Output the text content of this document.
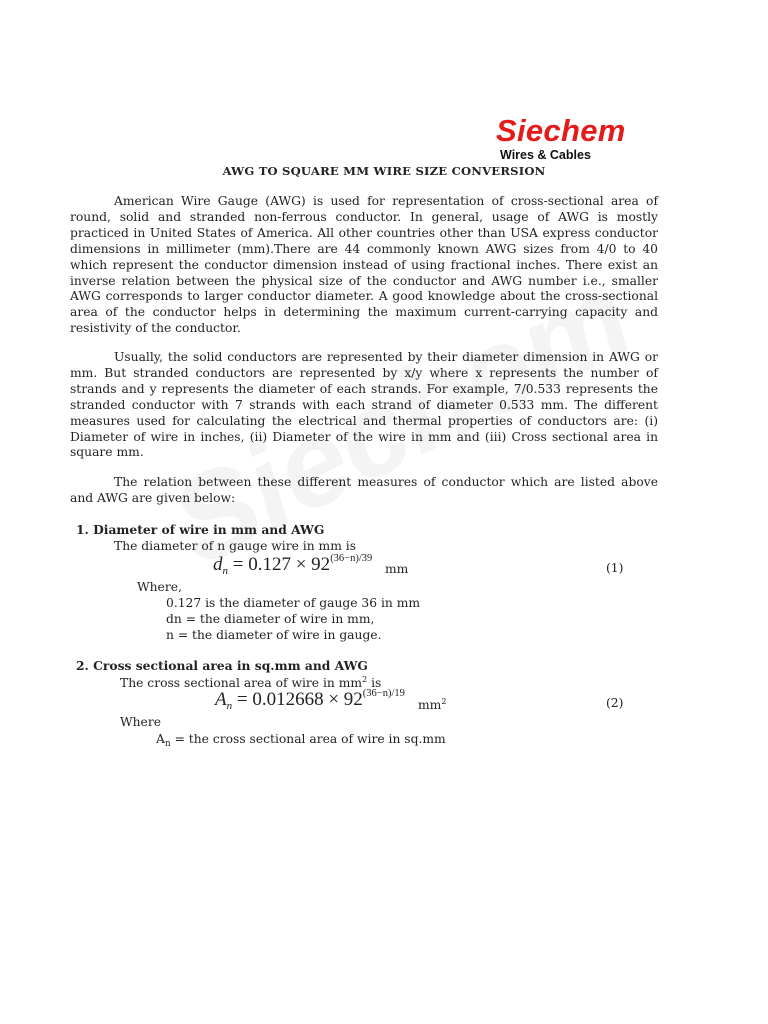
Siechem
Wires & Cables
AWG TO SQUARE MM WIRE SIZE CONVERSION

American Wire Gauge (AWG) is used for representation of cross-sectional area of round, solid and stranded non-ferrous conductor. In general, usage of AWG is mostly practiced in United States of America. All other countries other than USA express conductor dimensions in millimeter (mm).There are 44 commonly known AWG sizes from 4/0 to 40 which represent the conductor dimension instead of using fractional inches. There exist an inverse relation between the physical size of the conductor and AWG number i.e., smaller AWG corresponds to larger conductor diameter. A good knowledge about the cross-sectional area of the conductor helps in determining the maximum current-carrying capacity and resistivity of the conductor.

Usually, the solid conductors are represented by their diameter dimension in AWG or mm. But stranded conductors are represented by x/y where x represents the number of strands and y represents the diameter of each strands. For example, 7/0.533 represents the stranded conductor with 7 strands with each strand of diameter 0.533 mm. The different measures used for calculating the electrical and thermal properties of conductors are: (i) Diameter of wire in inches, (ii) Diameter of the wire in mm and (iii) Cross sectional area in square mm.

The relation between these different measures of conductor which are listed above and AWG are given below:

1. Diameter of wire in mm and AWG

The diameter of n gauge wire in mm is

$d_n = 0.127 \times 92^{(36-n)/39}$
mm	(1)

Where,

0.127 is the diameter of gauge 36 in mm

dn = the diameter of wire in mm,

n = the diameter of wire in gauge.

2. Cross sectional area in sq.mm and AWG

The cross sectional area of wire in $mm^2$ is

$A_n = 0.012668 \times 92^{(36-n)/19}$
$mm^2$	(2)

Where

$A_n$ = the cross sectional area of wire in sq.mm
